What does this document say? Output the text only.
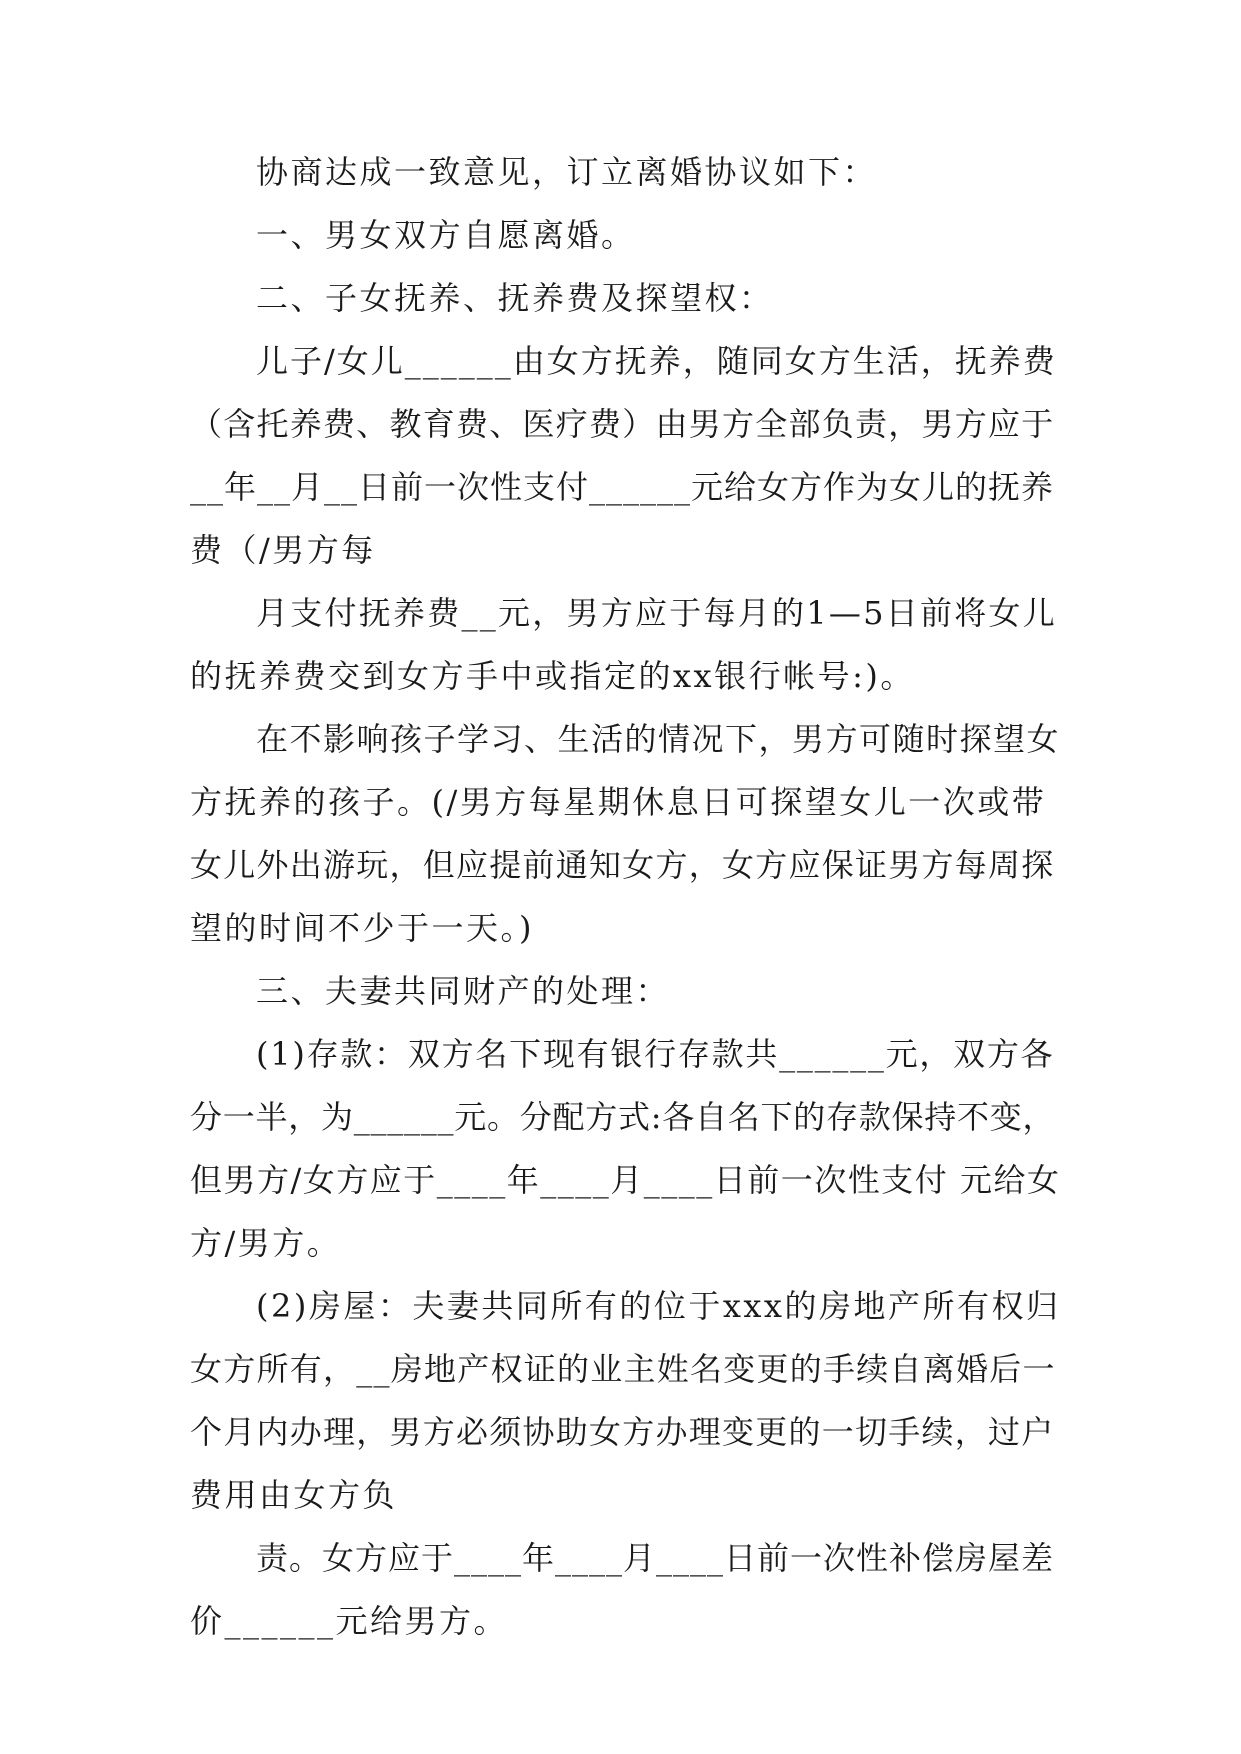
协商达成一致意见，订立离婚协议如下：

一、男女双方自愿离婚。

二、子女抚养、抚养费及探望权：

儿子/女儿______由女方抚养，随同女方生活，抚养费

（含托养费、教育费、医疗费）由男方全部负责，男方应于

__年__月__日前一次性支付______元给女方作为女儿的抚养

费（/男方每

月支付抚养费__元，男方应于每月的1—5日前将女儿

的抚养费交到女方手中或指定的xx银行帐号:)。

在不影响孩子学习、生活的情况下，男方可随时探望女

方抚养的孩子。(/男方每星期休息日可探望女儿一次或带

女儿外出游玩，但应提前通知女方，女方应保证男方每周探

望的时间不少于一天。)

三、夫妻共同财产的处理：

(1)存款：双方名下现有银行存款共______元，双方各

分一半，为______元。分配方式:各自名下的存款保持不变，

但男方/女方应于____年____月____日前一次性支付 元给女

方/男方。

(2)房屋：夫妻共同所有的位于xxx的房地产所有权归

女方所有，__房地产权证的业主姓名变更的手续自离婚后一

个月内办理，男方必须协助女方办理变更的一切手续，过户

费用由女方负

责。女方应于____年____月____日前一次性补偿房屋差

价______元给男方。
